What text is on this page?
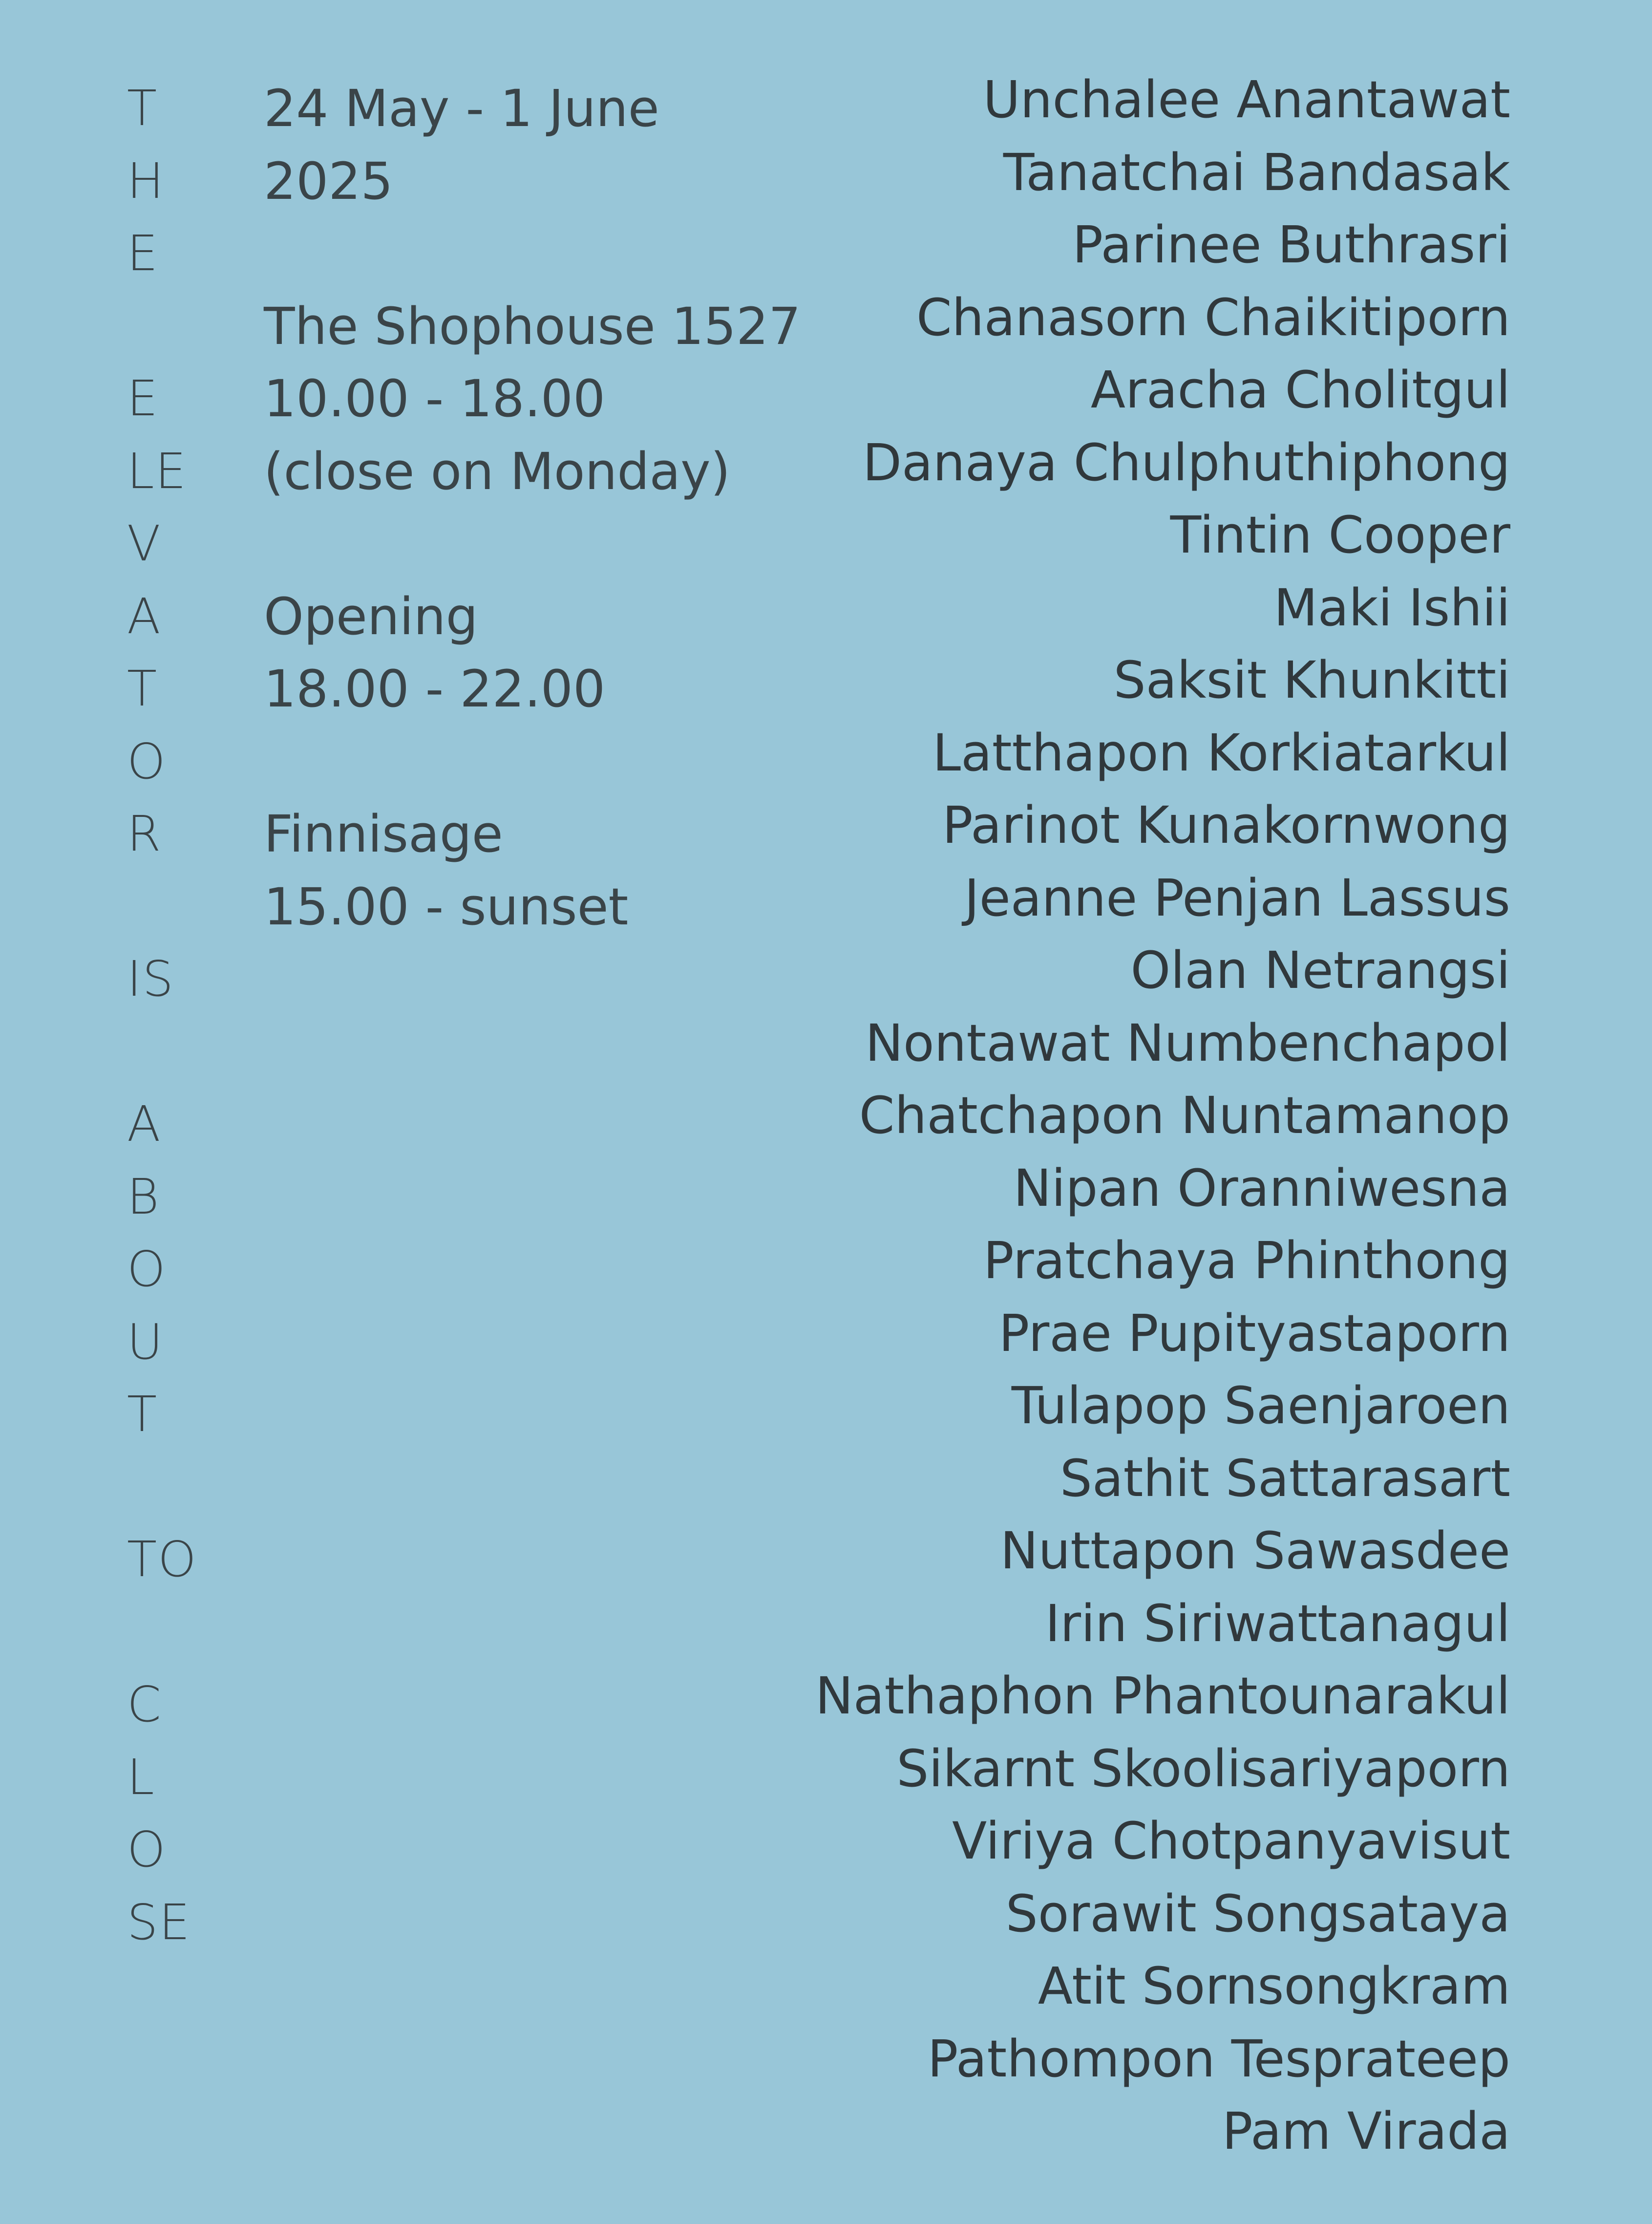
T
H
E
E
LE
V
A
T
O
R
IS
A
B
O
U
T
TO
C
L
O
SE
24 May - 1 June
2025
The Shophouse 1527
10.00 - 18.00
(close on Monday)
Opening
18.00 - 22.00
Finnisage
15.00 - sunset
Unchalee Anantawat
Tanatchai Bandasak
Parinee Buthrasri
Chanasorn Chaikitiporn
Aracha Cholitgul
Danaya Chulphuthiphong
Tintin Cooper
Maki Ishii
Saksit Khunkitti
Latthapon Korkiatarkul
Parinot Kunakornwong
Jeanne Penjan Lassus
Olan Netrangsi
Nontawat Numbenchapol
Chatchapon Nuntamanop
Nipan Oranniwesna
Pratchaya Phinthong
Prae Pupityastaporn
Tulapop Saenjaroen
Sathit Sattarasart
Nuttapon Sawasdee
Irin Siriwattanagul
Nathaphon Phantounarakul
Sikarnt Skoolisariyaporn
Viriya Chotpanyavisut
Sorawit Songsataya
Atit Sornsongkram
Pathompon Tesprateep
Pam Virada
